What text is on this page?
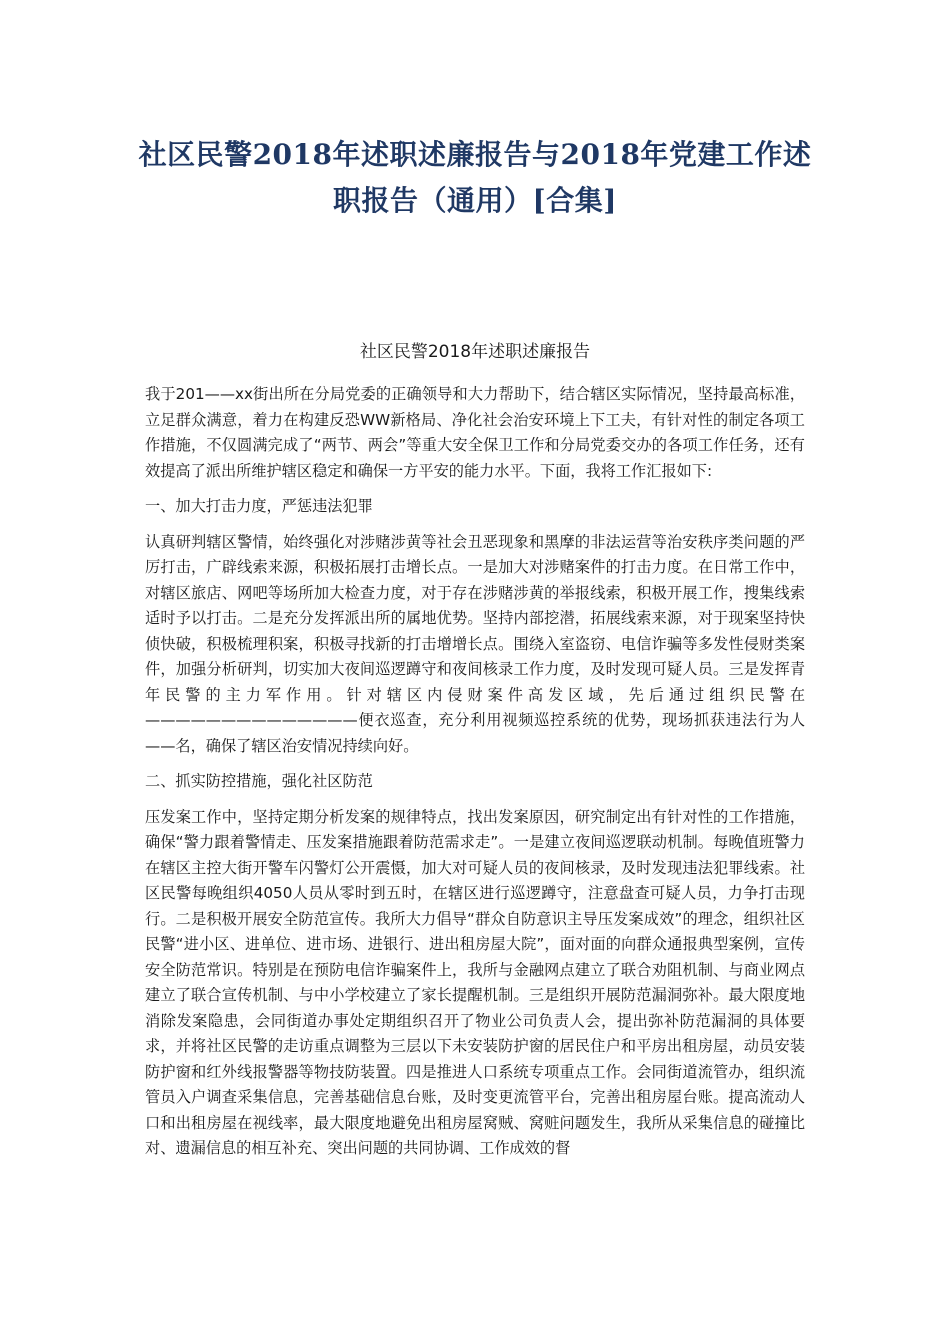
社区民警2018年述职述廉报告与2018年党建工作述职报告（通用）[合集]
社区民警2018年述职述廉报告

我于201——xx街出所在分局党委的正确领导和大力帮助下，结合辖区实际情况，坚持最高标准，立足群众满意，着力在构建反恐WW新格局、净化社会治安环境上下工夫，有针对性的制定各项工作措施，不仅圆满完成了“两节、两会”等重大安全保卫工作和分局党委交办的各项工作任务，还有效提高了派出所维护辖区稳定和确保一方平安的能力水平。下面，我将工作汇报如下:

一、加大打击力度，严惩违法犯罪

认真研判辖区警情，始终强化对涉赌涉黄等社会丑恶现象和黑摩的非法运营等治安秩序类问题的严厉打击，广辟线索来源，积极拓展打击增长点。一是加大对涉赌案件的打击力度。在日常工作中，对辖区旅店、网吧等场所加大检查力度，对于存在涉赌涉黄的举报线索，积极开展工作，搜集线索适时予以打击。二是充分发挥派出所的属地优势。坚持内部挖潜，拓展线索来源，对于现案坚持快侦快破，积极梳理积案，积极寻找新的打击增增长点。围绕入室盗窃、电信诈骗等多发性侵财类案件，加强分析研判，切实加大夜间巡逻蹲守和夜间核录工作力度，及时发现可疑人员。三是发挥青年民警的主力军作用。针对辖区内侵财案件高发区域，先后通过组织民警在——————————————便衣巡查，充分利用视频巡控系统的优势，现场抓获违法行为人——名，确保了辖区治安情况持续向好。

二、抓实防控措施，强化社区防范

压发案工作中，坚持定期分析发案的规律特点，找出发案原因，研究制定出有针对性的工作措施，确保“警力跟着警情走、压发案措施跟着防范需求走”。一是建立夜间巡逻联动机制。每晚值班警力在辖区主控大街开警车闪警灯公开震慑，加大对可疑人员的夜间核录，及时发现违法犯罪线索。社区民警每晚组织4050人员从零时到五时，在辖区进行巡逻蹲守，注意盘查可疑人员，力争打击现行。二是积极开展安全防范宣传。我所大力倡导“群众自防意识主导压发案成效”的理念，组织社区民警“进小区、进单位、进市场、进银行、进出租房屋大院”，面对面的向群众通报典型案例，宣传安全防范常识。特别是在预防电信诈骗案件上，我所与金融网点建立了联合劝阻机制、与商业网点建立了联合宣传机制、与中小学校建立了家长提醒机制。三是组织开展防范漏洞弥补。最大限度地消除发案隐患，会同街道办事处定期组织召开了物业公司负责人会，提出弥补防范漏洞的具体要求，并将社区民警的走访重点调整为三层以下未安装防护窗的居民住户和平房出租房屋，动员安装防护窗和红外线报警器等物技防装置。四是推进人口系统专项重点工作。会同街道流管办，组织流管员入户调查采集信息，完善基础信息台账，及时变更流管平台，完善出租房屋台账。提高流动人口和出租房屋在视线率，最大限度地避免出租房屋窝贼、窝赃问题发生，我所从采集信息的碰撞比对、遗漏信息的相互补充、突出问题的共同协调、工作成效的督
